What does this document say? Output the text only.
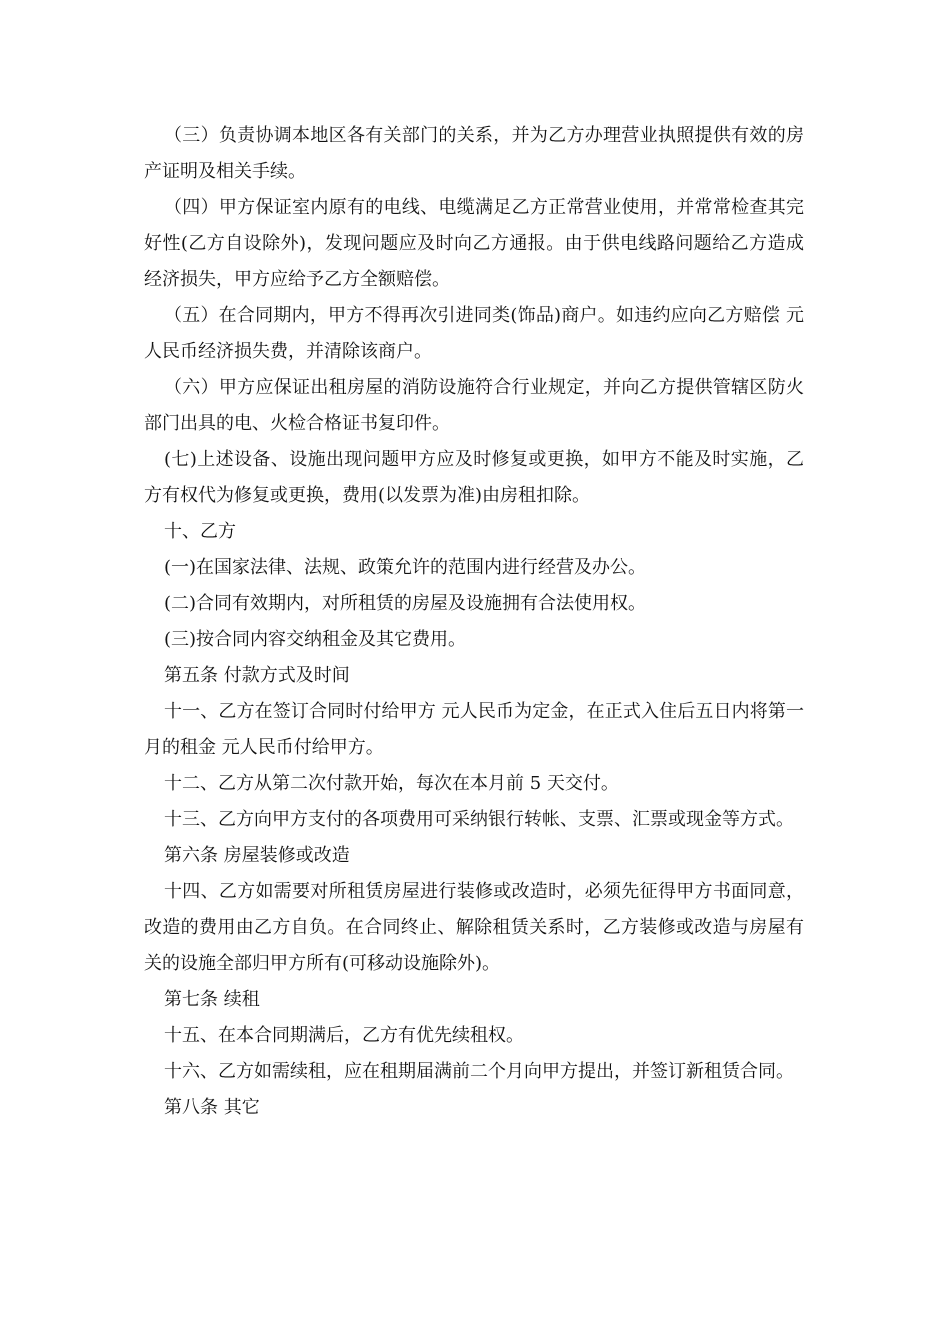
（三）负责协调本地区各有关部门的关系，并为乙方办理营业执照提供有效的房产证明及相关手续。

（四）甲方保证室内原有的电线、电缆满足乙方正常营业使用，并常常检查其完好性(乙方自设除外)，发现问题应及时向乙方通报。由于供电线路问题给乙方造成经济损失，甲方应给予乙方全额赔偿。

（五）在合同期内，甲方不得再次引进同类(饰品)商户。如违约应向乙方赔偿 元人民币经济损失费，并清除该商户。

（六）甲方应保证出租房屋的消防设施符合行业规定，并向乙方提供管辖区防火部门出具的电、火检合格证书复印件。

(七)上述设备、设施出现问题甲方应及时修复或更换，如甲方不能及时实施，乙方有权代为修复或更换，费用(以发票为准)由房租扣除。

十、乙方

(一)在国家法律、法规、政策允许的范围内进行经营及办公。

(二)合同有效期内，对所租赁的房屋及设施拥有合法使用权。

(三)按合同内容交纳租金及其它费用。

第五条 付款方式及时间

十一、乙方在签订合同时付给甲方 元人民币为定金，在正式入住后五日内将第一月的租金 元人民币付给甲方。

十二、乙方从第二次付款开始，每次在本月前 5 天交付。

十三、乙方向甲方支付的各项费用可采纳银行转帐、支票、汇票或现金等方式。

第六条 房屋装修或改造

十四、乙方如需要对所租赁房屋进行装修或改造时，必须先征得甲方书面同意，改造的费用由乙方自负。在合同终止、解除租赁关系时，乙方装修或改造与房屋有关的设施全部归甲方所有(可移动设施除外)。

第七条 续租

十五、在本合同期满后，乙方有优先续租权。

十六、乙方如需续租，应在租期届满前二个月向甲方提出，并签订新租赁合同。

第八条 其它
